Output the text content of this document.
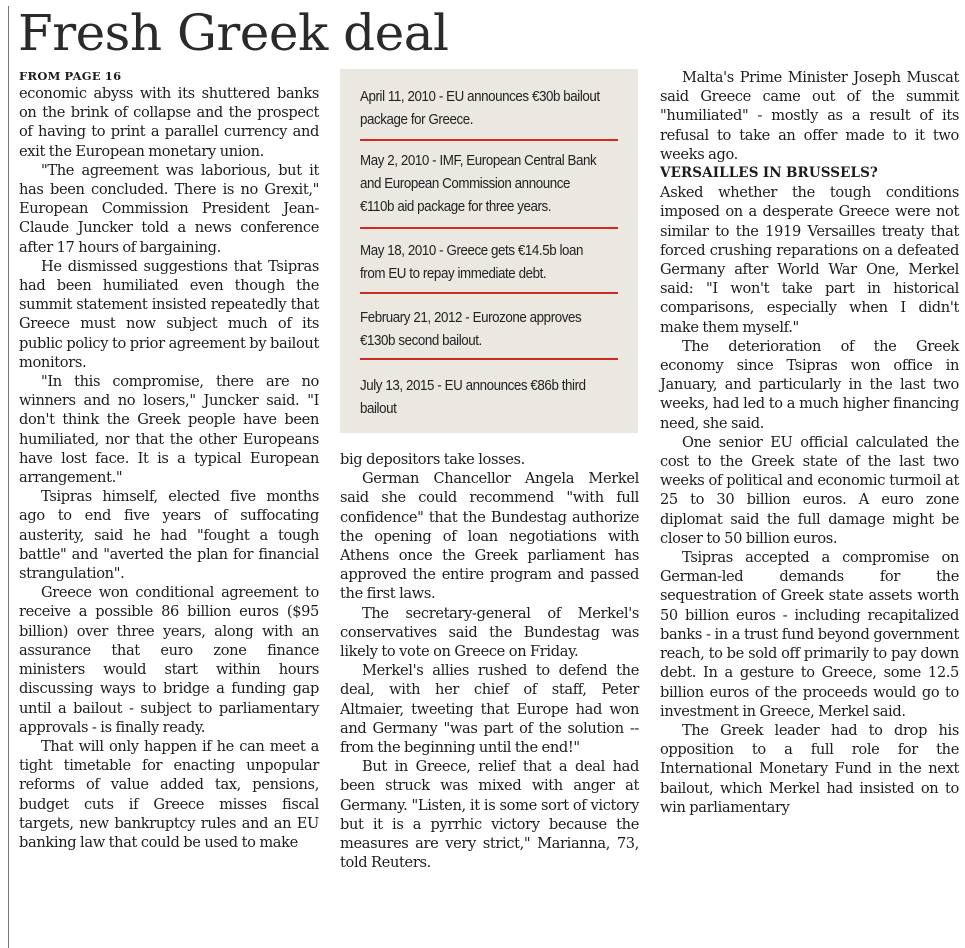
Fresh Greek deal

FROM PAGE 16

economic abyss with its shuttered banks on the brink of collapse and the prospect of having to print a parallel currency and exit the European monetary union.

"The agreement was laborious, but it has been concluded. There is no Grexit," European Commission President Jean-Claude Juncker told a news conference after 17 hours of bargaining.

He dismissed suggestions that Tsipras had been humiliated even though the summit statement insisted repeatedly that Greece must now subject much of its public policy to prior agreement by bailout monitors.

"In this compromise, there are no winners and no losers," Juncker said. "I don't think the Greek people have been humiliated, nor that the other Europeans have lost face. It is a typical European arrangement."

Tsipras himself, elected five months ago to end five years of suffocating austerity, said he had "fought a tough battle" and "averted the plan for financial strangulation".

Greece won conditional agreement to receive a possible 86 billion euros ($95 billion) over three years, along with an assurance that euro zone finance ministers would start within hours discussing ways to bridge a funding gap until a bailout - subject to parliamentary approvals - is finally ready.

That will only happen if he can meet a tight timetable for enacting unpopular reforms of value added tax, pensions, budget cuts if Greece misses fiscal targets, new bankruptcy rules and an EU banking law that could be used to make

April 11, 2010 - EU announces €30b bailout package for Greece.
May 2, 2010 - IMF, European Central Bank and European Commission announce €110b aid package for three years.
May 18, 2010 - Greece gets €14.5b loan from EU to repay immediate debt.
February 21, 2012 - Eurozone approves €130b second bailout.
July 13, 2015 - EU announces €86b third bailout

big depositors take losses.

German Chancellor Angela Merkel said she could recommend "with full confidence" that the Bundestag authorize the opening of loan negotiations with Athens once the Greek parliament has approved the entire program and passed the first laws.

The secretary-general of Merkel's conservatives said the Bundestag was likely to vote on Greece on Friday.

Merkel's allies rushed to defend the deal, with her chief of staff, Peter Altmaier, tweeting that Europe had won and Germany "was part of the solution -- from the beginning until the end!"

But in Greece, relief that a deal had been struck was mixed with anger at Germany. "Listen, it is some sort of victory but it is a pyrrhic victory because the measures are very strict," Marianna, 73, told Reuters.

Malta's Prime Minister Joseph Muscat said Greece came out of the summit "humiliated" - mostly as a result of its refusal to take an offer made to it two weeks ago.

VERSAILLES IN BRUSSELS?

Asked whether the tough conditions imposed on a desperate Greece were not similar to the 1919 Versailles treaty that forced crushing reparations on a defeated Germany after World War One, Merkel said: "I won't take part in historical comparisons, especially when I didn't make them myself."

The deterioration of the Greek economy since Tsipras won office in January, and particularly in the last two weeks, had led to a much higher financing need, she said.

One senior EU official calculated the cost to the Greek state of the last two weeks of political and economic turmoil at 25 to 30 billion euros. A euro zone diplomat said the full damage might be closer to 50 billion euros.

Tsipras accepted a compromise on German-led demands for the sequestration of Greek state assets worth 50 billion euros - including recapitalized banks - in a trust fund beyond government reach, to be sold off primarily to pay down debt. In a gesture to Greece, some 12.5 billion euros of the proceeds would go to investment in Greece, Merkel said.

The Greek leader had to drop his opposition to a full role for the International Monetary Fund in the next bailout, which Merkel had insisted on to win parliamentary
